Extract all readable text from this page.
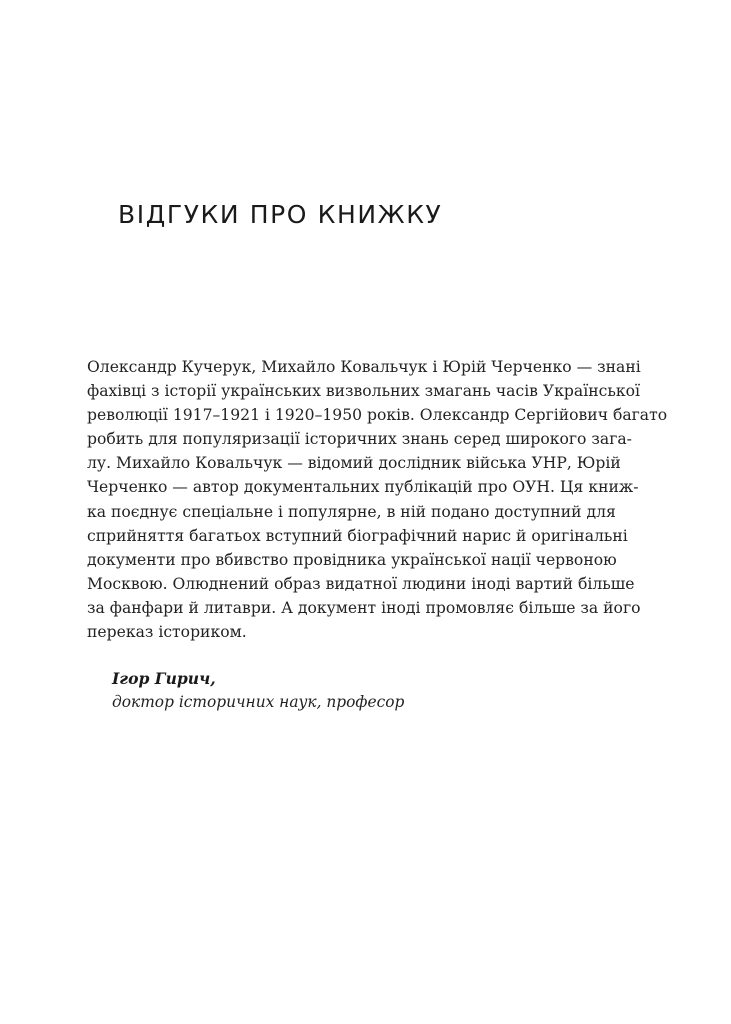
ВІДГУКИ ПРО КНИЖКУ
Олександр Кучерук, Михайло Ковальчук і Юрій Черченко — знані
фахівці з історії українських визвольних змагань часів Української
революції 1917–1921 і 1920–1950 років. Олександр Сергійович багато
робить для популяризації історичних знань серед широкого зага-
лу. Михайло Ковальчук — відомий дослідник війська УНР, Юрій
Черченко — автор документальних публікацій про ОУН. Ця книж-
ка поєднує спеціальне і популярне, в ній подано доступний для
сприйняття багатьох вступний біографічний нарис й оригінальні
документи про вбивство провідника української нації червоною
Москвою. Олюднений образ видатної людини іноді вартий більше
за фанфари й литаври. А документ іноді промовляє більше за його
переказ істориком.

Ігор Гирич,

доктор історичних наук, професор
